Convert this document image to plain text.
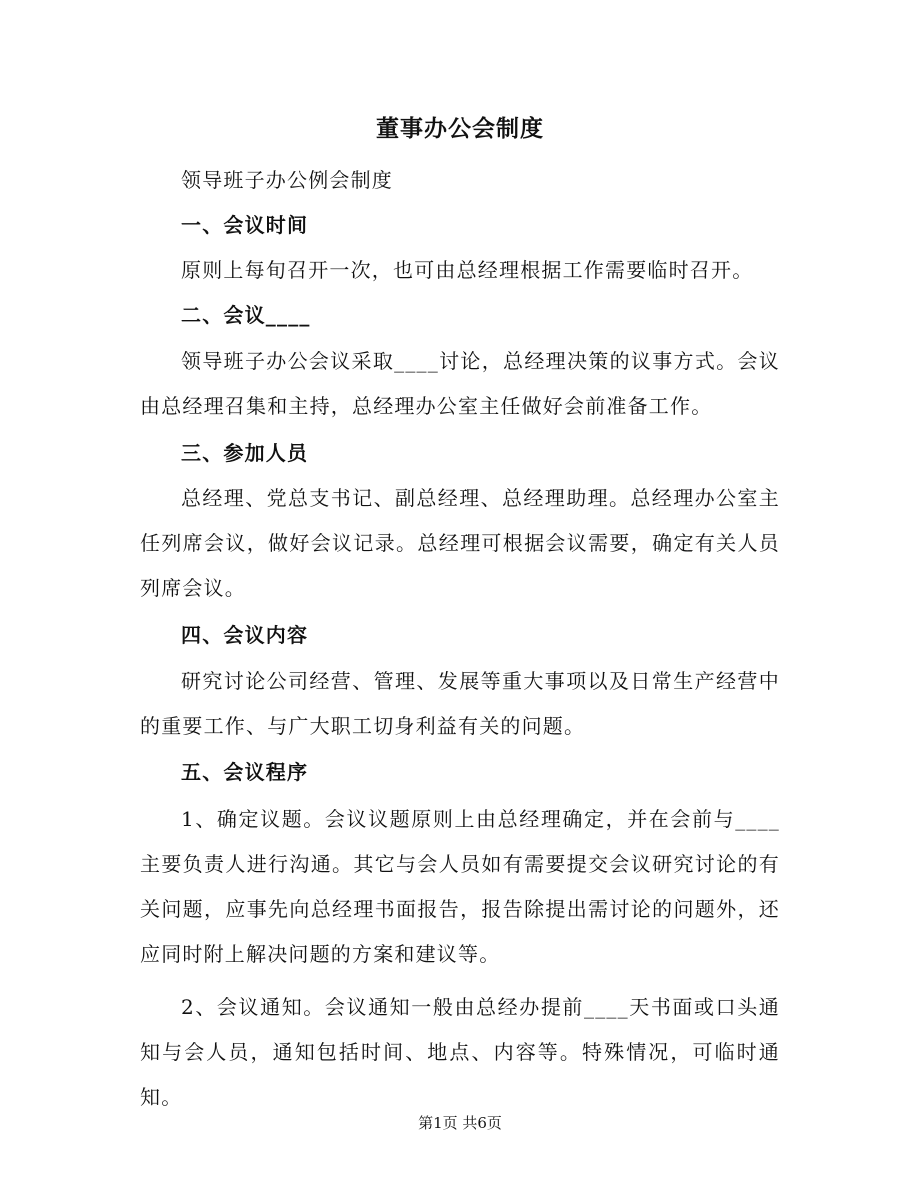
董事办公会制度

领导班子办公例会制度

一、会议时间

原则上每旬召开一次，也可由总经理根据工作需要临时召开。

二、会议____

领导班子办公会议采取____讨论，总经理决策的议事方式。会议由总经理召集和主持，总经理办公室主任做好会前准备工作。

三、参加人员

总经理、党总支书记、副总经理、总经理助理。总经理办公室主任列席会议，做好会议记录。总经理可根据会议需要，确定有关人员列席会议。

四、会议内容

研究讨论公司经营、管理、发展等重大事项以及日常生产经营中的重要工作、与广大职工切身利益有关的问题。

五、会议程序

1、确定议题。会议议题原则上由总经理确定，并在会前与____主要负责人进行沟通。其它与会人员如有需要提交会议研究讨论的有关问题，应事先向总经理书面报告，报告除提出需讨论的问题外，还应同时附上解决问题的方案和建议等。

2、会议通知。会议通知一般由总经办提前____天书面或口头通知与会人员，通知包括时间、地点、内容等。特殊情况，可临时通知。

第1页 共6页
